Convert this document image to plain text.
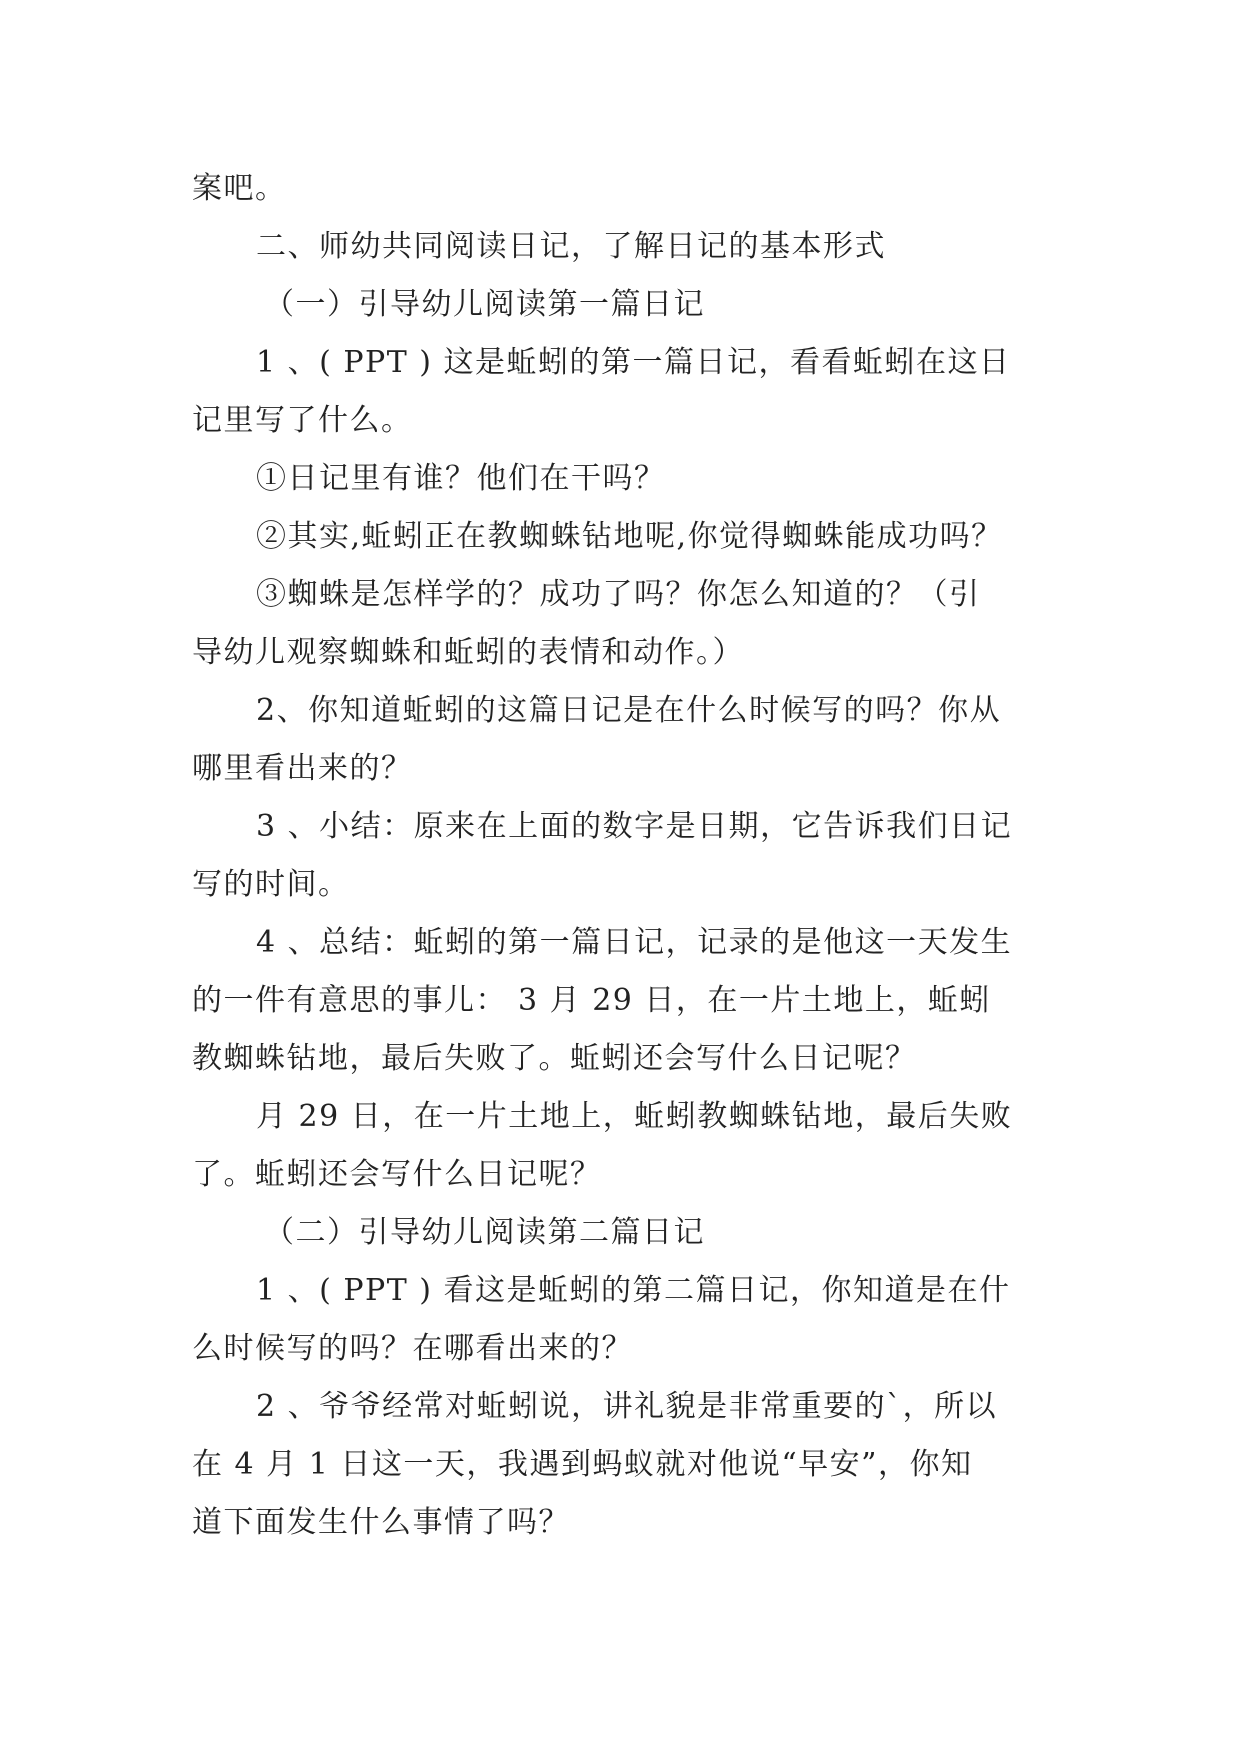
案吧。
二、师幼共同阅读日记，了解日记的基本形式
（一）引导幼儿阅读第一篇日记
1 、( PPT ) 这是蚯蚓的第一篇日记，看看蚯蚓在这日
记里写了什么。
①日记里有谁？他们在干吗？
②其实,蚯蚓正在教蜘蛛钻地呢,你觉得蜘蛛能成功吗？
③蜘蛛是怎样学的？成功了吗？你怎么知道的？（引
导幼儿观察蜘蛛和蚯蚓的表情和动作。）
2、你知道蚯蚓的这篇日记是在什么时候写的吗？你从
哪里看出来的？
3 、小结：原来在上面的数字是日期，它告诉我们日记
写的时间。
4 、总结：蚯蚓的第一篇日记，记录的是他这一天发生
的一件有意思的事儿： 3 月 29 日，在一片土地上，蚯蚓
教蜘蛛钻地，最后失败了。蚯蚓还会写什么日记呢？
月 29 日，在一片土地上，蚯蚓教蜘蛛钻地，最后失败
了。蚯蚓还会写什么日记呢？
（二）引导幼儿阅读第二篇日记
1 、( PPT ) 看这是蚯蚓的第二篇日记，你知道是在什
么时候写的吗？在哪看出来的？
2 、爷爷经常对蚯蚓说，讲礼貌是非常重要的`，所以
在 4 月 1 日这一天，我遇到蚂蚁就对他说“早安”，你知
道下面发生什么事情了吗？
